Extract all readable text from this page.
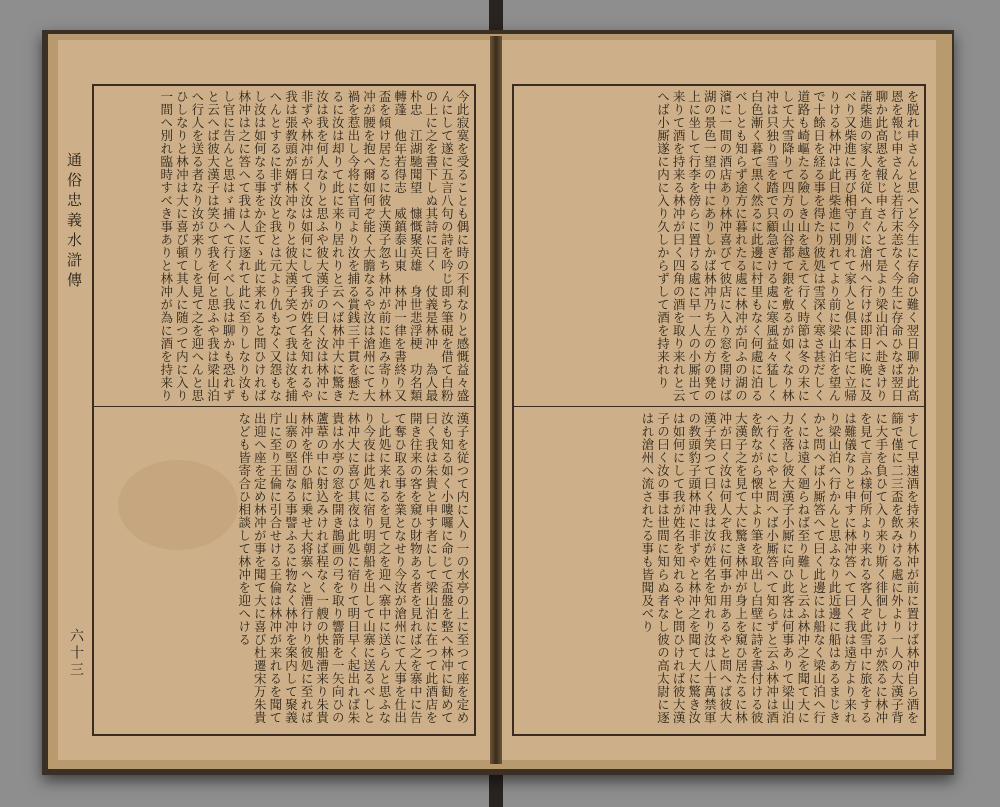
通俗忠義水滸傳
六十三

今此寂寞を受ることも偶に時の不利なりと感慨益々盛んにして遂に五言八句の詩を吟じ即ち筆硯を借て白粉の上に之を書下しぬ其詩に曰く　仗義是林冲　為人最朴忠　江湖馳聞望　慷慨聚英雄　身世悲浮梗　功名類轉蓬　他年若得志　威鎮泰山東　林冲一律を書終り又盃を傾け居たるに彼大漢子忽ち林冲が前に進み寄り林冲が腰を抱へ爾如何ぞ能く大膽なるや汝は滄州にて大禍を惹出し今将に官司より汝を捕る賞銭三千貫を懸たるに汝は却りて此に来り居れりと云へば林冲大に驚き汝は我を何人なりと思ふや彼大漢子の曰く汝は林冲に非ずや林冲が曰く汝は如何にして我が姓名を知れるや我は張教頭が婿林冲なりと彼大漢子笑つて我は汝を捕へんとするに非ず汝と我とは元より仇もなく又怨もなし汝は如何なる事をか企てゝ此に来れると問ひければ林冲は之に答へて我は人に逐れて此に至りしなり汝もし官に告んと思はゞ捕へて行くべし我は聊かも恐れずと云へば彼大漢子は笑ひて我を何と思ふや我は梁山泊へ行人を送る者なり汝が来りしを見て之を迎へんと思ひしなりと林冲は大に喜び頓て其人に随つて内に入り一間へ別れ臨時すべき事ありと林冲が為に酒を持来り

漢子を従つて内に入り一の水亭の上に至つて座を定め汝も知る如く小嘍囉に命じて盃盤を整へ林冲に勧めて曰く我は朱貴と申す者にして梁山泊に在つて此酒店を開き往来の客を窺ひ財物ある者を見れば之を寨中に告て奪ひ取る事を業となせり今汝が滄州にて大事を仕出し此処に来れるを見て之を迎へ寨中に送らんと思ふなり今夜は此処に宿り明朝船を出して山寨に送るべしと林冲大に喜び其夜は此処に宿りて明日早く起出れば朱貴は水亭の窓を開き鵲画の弓を取り響箭を一矢向ひの蘆葦の中に射込みければ程なく一艘の快船漕来り朱貴林冲を伴ひ船に乗せ大将寨へと漕行けり彼処に至れば山寨の堅固なる事譬ふるに物なく林冲を案内して聚義庁に至り王倫に引合せける王倫は林冲が来れるを聞て出迎へ座を定め林冲が事を聞て大に喜び杜遷宋万朱貴なども皆寄合ひ相談して林冲を迎へける

を脱れ申さんと思へど今生に存命ひ難く翌日聊か此高恩を報じ申さんと若行末恙なく今生に存命ひなば翌日聊か此高恩を報じ申さんとて是より梁山泊へ赴きけり諸柴進の家人を従へ直ぐに滄州へ行けば即日に晩に及べり又柴進に再び相守り別れて家人と倶に本宅に立帰りける林冲は此日柴進に別れてより前に梁山泊を望んで十餘日を経る事を得たり彼処は雪深く寒さ甚だしく道路も崎嶇たる險しき山を越えて行く時節は冬の末にして大雪降りて四方の山谷都て銀を敷るが如くなり林冲は只独り雪を踏で只顧急ぎける處に寒風益々猛しく白色漸く暮て黒く然るに此邊に村里もなく何處に泊るべしとも知らず途方に暮れたる處に林冲が向ふの湖の濱に一間の酒店あり林冲喜びて彼店に入り窓を開けば湖の景色一望の中にありしかば林冲乃ち左の方の凳の上に坐して行李を傍らに置ける處に早一人の小厮出て来りて酒を持来る林冲が曰く四角の酒を取り来れと云へば小厮遂に内に入り久しからずして酒を持来れり

すして早速酒を持来り林冲が前に置けば林冲自ら酒を篩で僅に二三盃を飲みける處に外より一人の大漢子背に大手を負ひて入り来り斯く徘徊しけるが然るに林冲を見て言ふ様何所より来れる客人ぞ此雪中に旅をするは難儀なりと申すに林冲答へて曰く我は遠方より来れり梁山泊へ行かんと思ふなり此近邊に船はあるまじきかと問へば小厮答へて曰く此邊には船なく梁山泊へ行くには遠く廻らねば至り難しと云ふ林冲之を聞て大に力を落し彼大漢子小厮に向ひ此客は何事ありて梁山泊へ行くにやと問へば小厮答へて知らずと云ふ林冲は酒を飲ながら懐中より筆を取出し白壁に詩を書付ける彼大漢子之を見て大に驚き林冲が身上を窺ひ居たるに林冲が曰く汝は何人ぞ我に何事か用あるやと問へば彼大漢子笑つて曰く我は汝が姓名を知れり汝は八十萬禁軍の教頭豹子頭林冲に非ずやと林冲之を聞て大に驚き汝は如何にして我が姓名を知れるやと問ひければ彼大漢子の曰く汝の事は世間に知らぬ者なし彼の高太尉に逐はれ滄州へ流されたる事も皆聞及べり
